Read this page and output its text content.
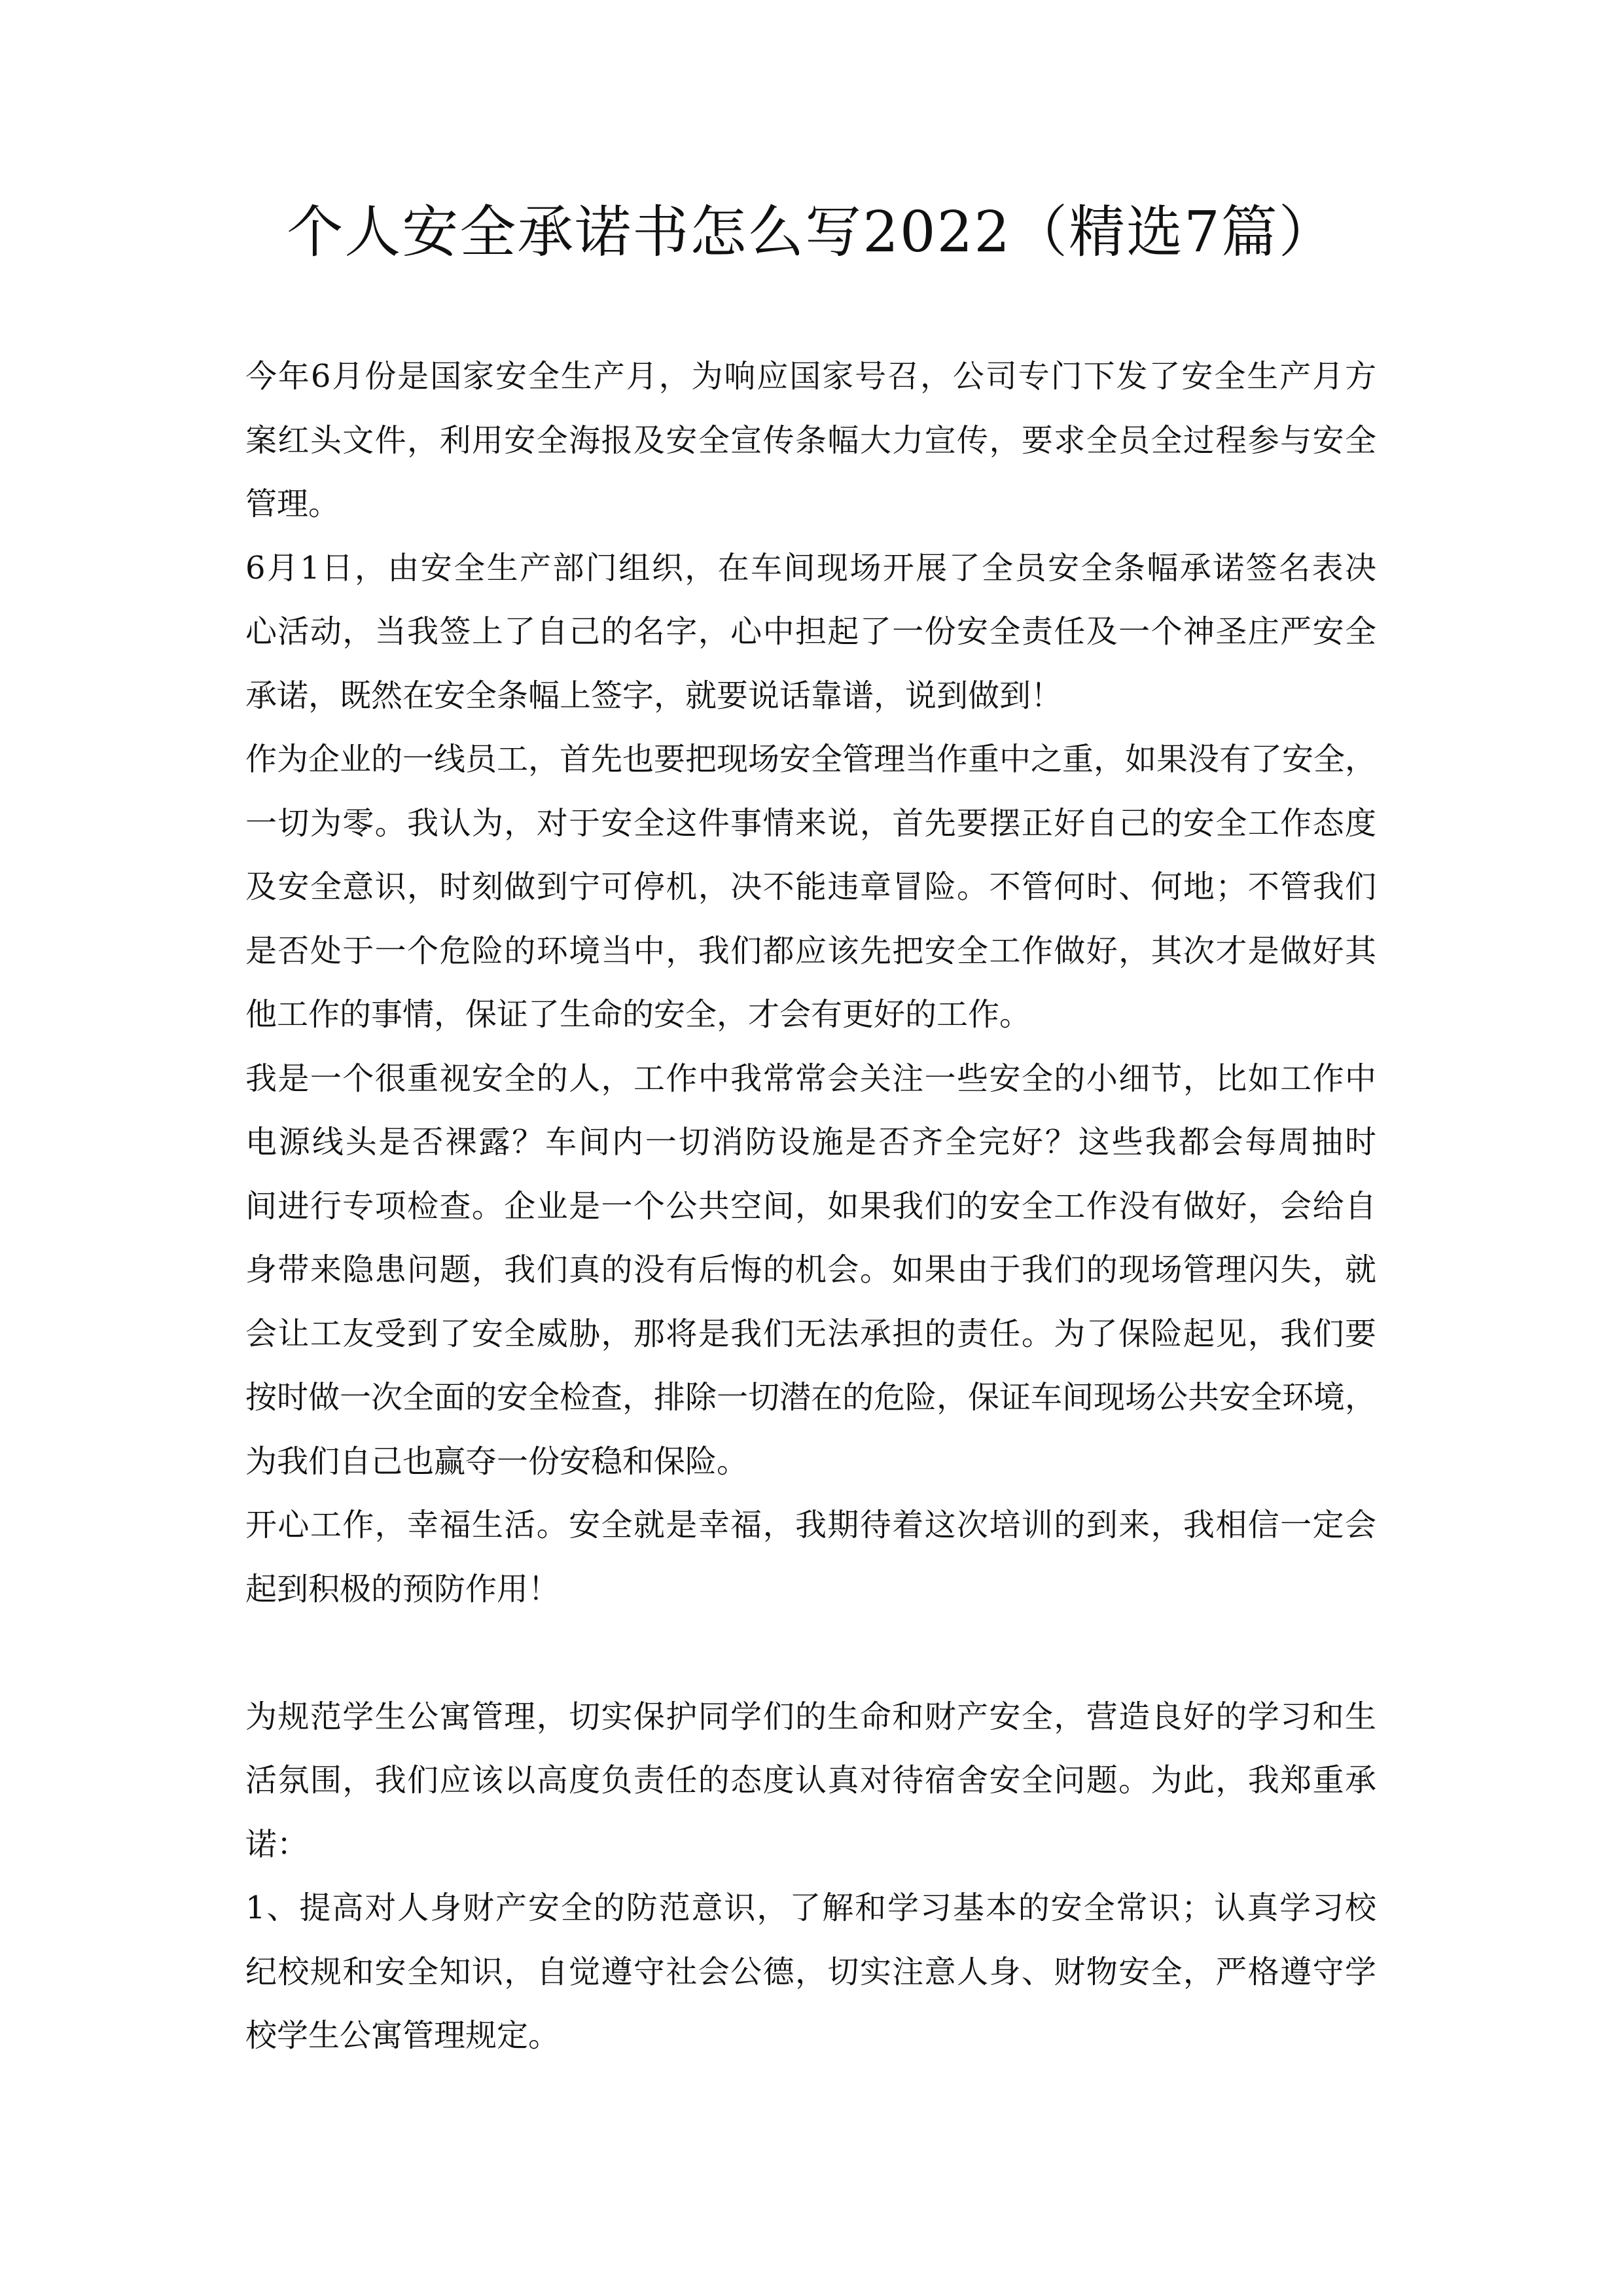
个人安全承诺书怎么写2022（精选7篇）
今年6月份是国家安全生产月，为响应国家号召，公司专门下发了安全生产月方
案红头文件，利用安全海报及安全宣传条幅大力宣传，要求全员全过程参与安全
管理。
6月1日，由安全生产部门组织，在车间现场开展了全员安全条幅承诺签名表决
心活动，当我签上了自己的名字，心中担起了一份安全责任及一个神圣庄严安全
承诺，既然在安全条幅上签字，就要说话靠谱，说到做到！
作为企业的一线员工，首先也要把现场安全管理当作重中之重，如果没有了安全，
一切为零。我认为，对于安全这件事情来说，首先要摆正好自己的安全工作态度
及安全意识，时刻做到宁可停机，决不能违章冒险。不管何时、何地；不管我们
是否处于一个危险的环境当中，我们都应该先把安全工作做好，其次才是做好其
他工作的事情，保证了生命的安全，才会有更好的工作。
我是一个很重视安全的人，工作中我常常会关注一些安全的小细节，比如工作中
电源线头是否裸露？车间内一切消防设施是否齐全完好？这些我都会每周抽时
间进行专项检查。企业是一个公共空间，如果我们的安全工作没有做好，会给自
身带来隐患问题，我们真的没有后悔的机会。如果由于我们的现场管理闪失，就
会让工友受到了安全威胁，那将是我们无法承担的责任。为了保险起见，我们要
按时做一次全面的安全检查，排除一切潜在的危险，保证车间现场公共安全环境，
为我们自己也赢夺一份安稳和保险。
开心工作，幸福生活。安全就是幸福，我期待着这次培训的到来，我相信一定会
起到积极的预防作用！
为规范学生公寓管理，切实保护同学们的生命和财产安全，营造良好的学习和生
活氛围，我们应该以高度负责任的态度认真对待宿舍安全问题。为此，我郑重承
诺：
1、提高对人身财产安全的防范意识，了解和学习基本的安全常识；认真学习校
纪校规和安全知识，自觉遵守社会公德，切实注意人身、财物安全，严格遵守学
校学生公寓管理规定。
